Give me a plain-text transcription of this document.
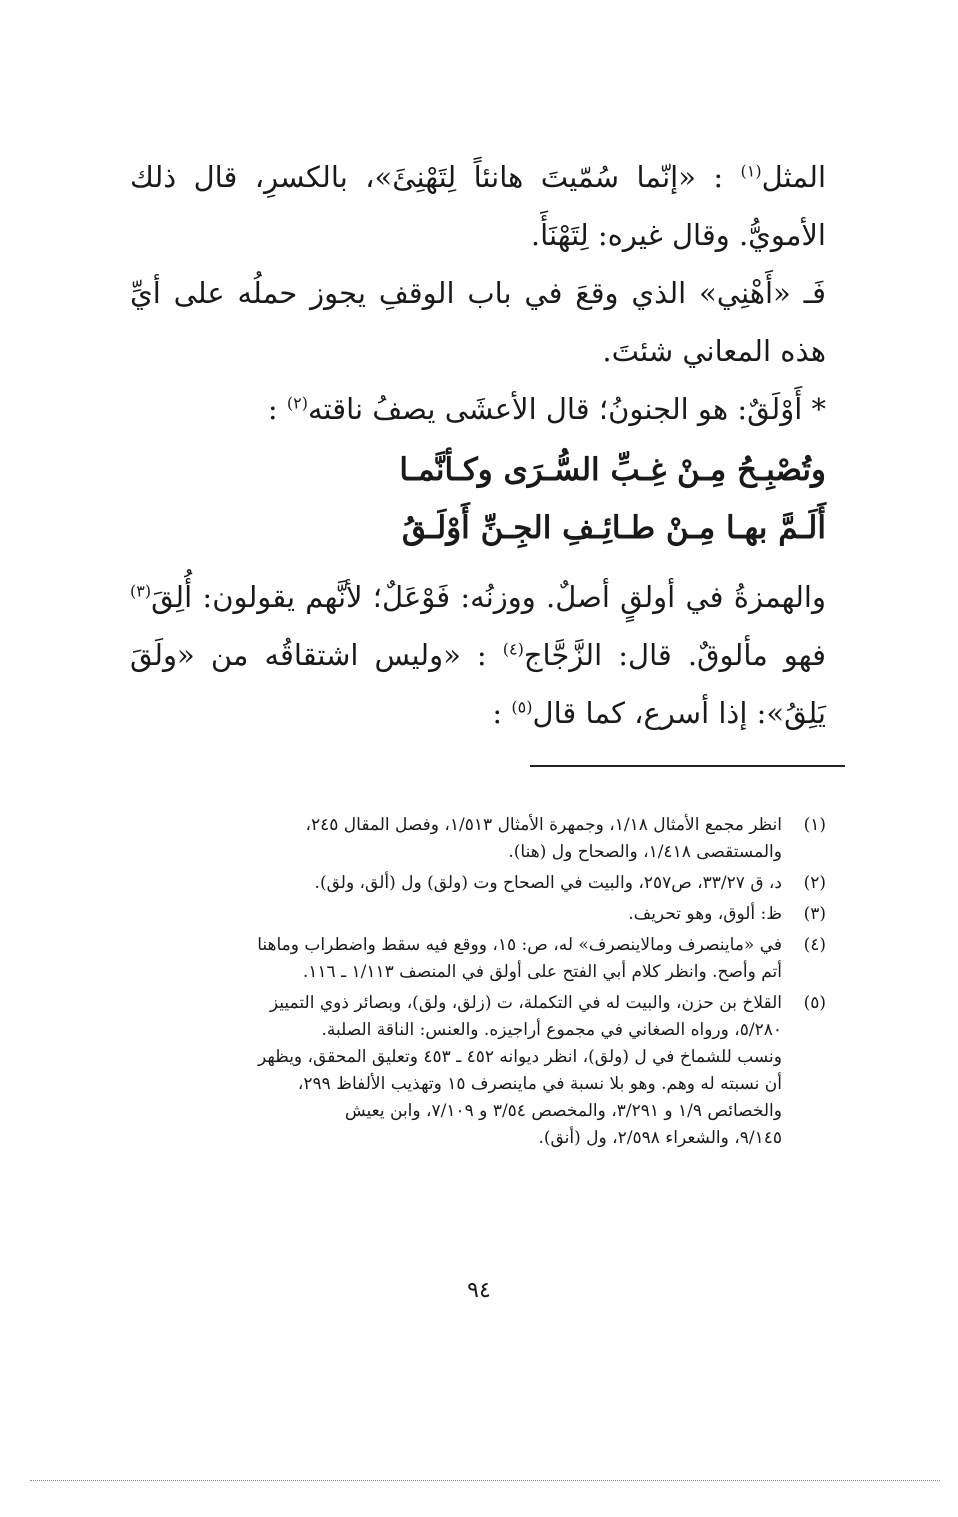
المثل$^{(١)}$ : «إنّما سُمّيتَ هانئاً لِتَهْنِئَ»، بالكسرِ، قال ذلك الأمويُّ. وقال غيره: لِتَهْنَأَ.

فَـ «أَهْنِي» الذي وقعَ في باب الوقفِ يجوز حملُه على أيِّ هذه المعاني شئتَ.

* أَوْلَقٌ: هو الجنونُ؛ قال الأعشَى يصفُ ناقته$^{(٢)}$ :

وتُصْبِـحُ مِـنْ غِـبِّ السُّـرَى وكـأنَّمـا

أَلَـمَّ بهـا مِـنْ طـائِـفِ الجِـنِّ أَوْلَـقُ

والهمزةُ في أولقٍ أصلٌ. ووزنُه: فَوْعَلٌ؛ لأنَّهم يقولون: أُلِقَ$^{(٣)}$ فهو مألوقٌ. قال: الزَّجَّاج$^{(٤)}$ : «وليس اشتقاقُه من «ولَقَ يَلِقُ»: إذا أسرع، كما قال$^{(٥)}$ :

(١)
انظر مجمع الأمثال ١/١٨، وجمهرة الأمثال ١/٥١٣، وفصل المقال ٢٤٥،
والمستقصى ١/٤١٨، والصحاح ول (هنا).
(٢)
د، ق ٣٣/٢٧، ص٢٥٧، والبيت في الصحاح وت (ولق) ول (ألق، ولق).
(٣)
ظ: ألوق، وهو تحريف.
(٤)
في «ماينصرف ومالاينصرف» له، ص: ١٥، ووقع فيه سقط واضطراب وماهنا
أتم وأصح. وانظر كلام أبي الفتح على أولق في المنصف ١/١١٣ ـ ١١٦.
(٥)
القلاخ بن حزن، والبيت له في التكملة، ت (زلق، ولق)، وبصائر ذوي التمييز
٥/٢٨٠، ورواه الصغاني في مجموع أراجيزه. والعنس: الناقة الصلبة.
ونسب للشماخ في ل (ولق)، انظر ديوانه ٤٥٢ ـ ٤٥٣ وتعليق المحقق، ويظهر
أن نسبته له وهم. وهو بلا نسبة في ماينصرف ١٥ وتهذيب الألفاظ ٢٩٩،
والخصائص ١/٩ و ٣/٢٩١، والمخصص ٣/٥٤ و ٧/١٠٩، وابن يعيش
٩/١٤٥، والشعراء ٢/٥٩٨، ول (أنق).
٩٤
